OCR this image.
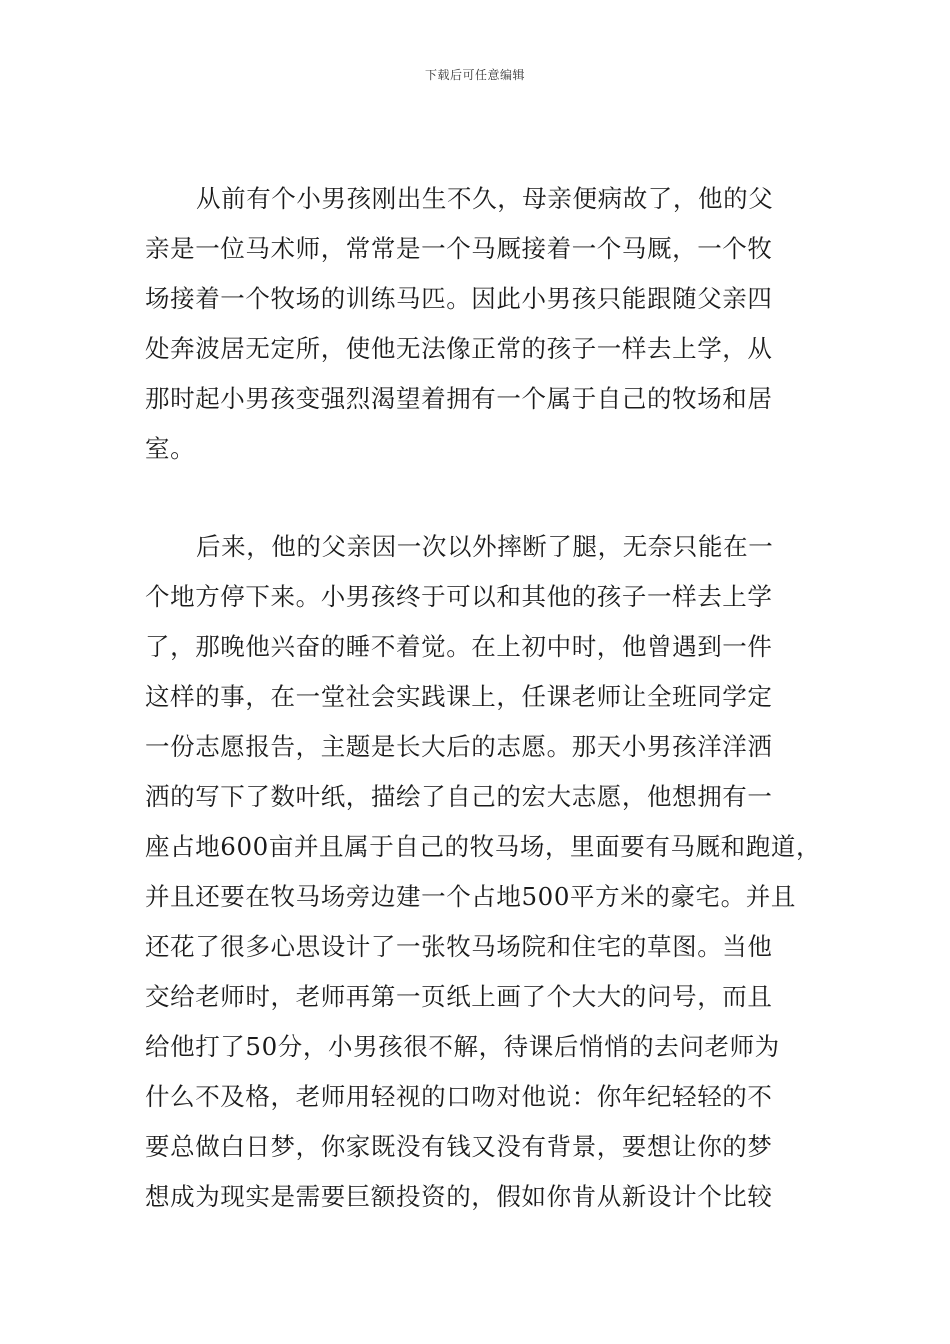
下载后可任意编辑
从前有个小男孩刚出生不久，母亲便病故了，他的父
亲是一位马术师，常常是一个马厩接着一个马厩，一个牧
场接着一个牧场的训练马匹。因此小男孩只能跟随父亲四
处奔波居无定所，使他无法像正常的孩子一样去上学，从
那时起小男孩变强烈渴望着拥有一个属于自己的牧场和居
室。
后来，他的父亲因一次以外摔断了腿，无奈只能在一
个地方停下来。小男孩终于可以和其他的孩子一样去上学
了，那晚他兴奋的睡不着觉。在上初中时，他曾遇到一件
这样的事，在一堂社会实践课上，任课老师让全班同学定
一份志愿报告，主题是长大后的志愿。那天小男孩洋洋洒
洒的写下了数叶纸，描绘了自己的宏大志愿，他想拥有一
座占地600亩并且属于自己的牧马场，里面要有马厩和跑道，
并且还要在牧马场旁边建一个占地500平方米的豪宅。并且
还花了很多心思设计了一张牧马场院和住宅的草图。当他
交给老师时，老师再第一页纸上画了个大大的问号，而且
给他打了50分，小男孩很不解，待课后悄悄的去问老师为
什么不及格，老师用轻视的口吻对他说：你年纪轻轻的不
要总做白日梦，你家既没有钱又没有背景，要想让你的梦
想成为现实是需要巨额投资的，假如你肯从新设计个比较
